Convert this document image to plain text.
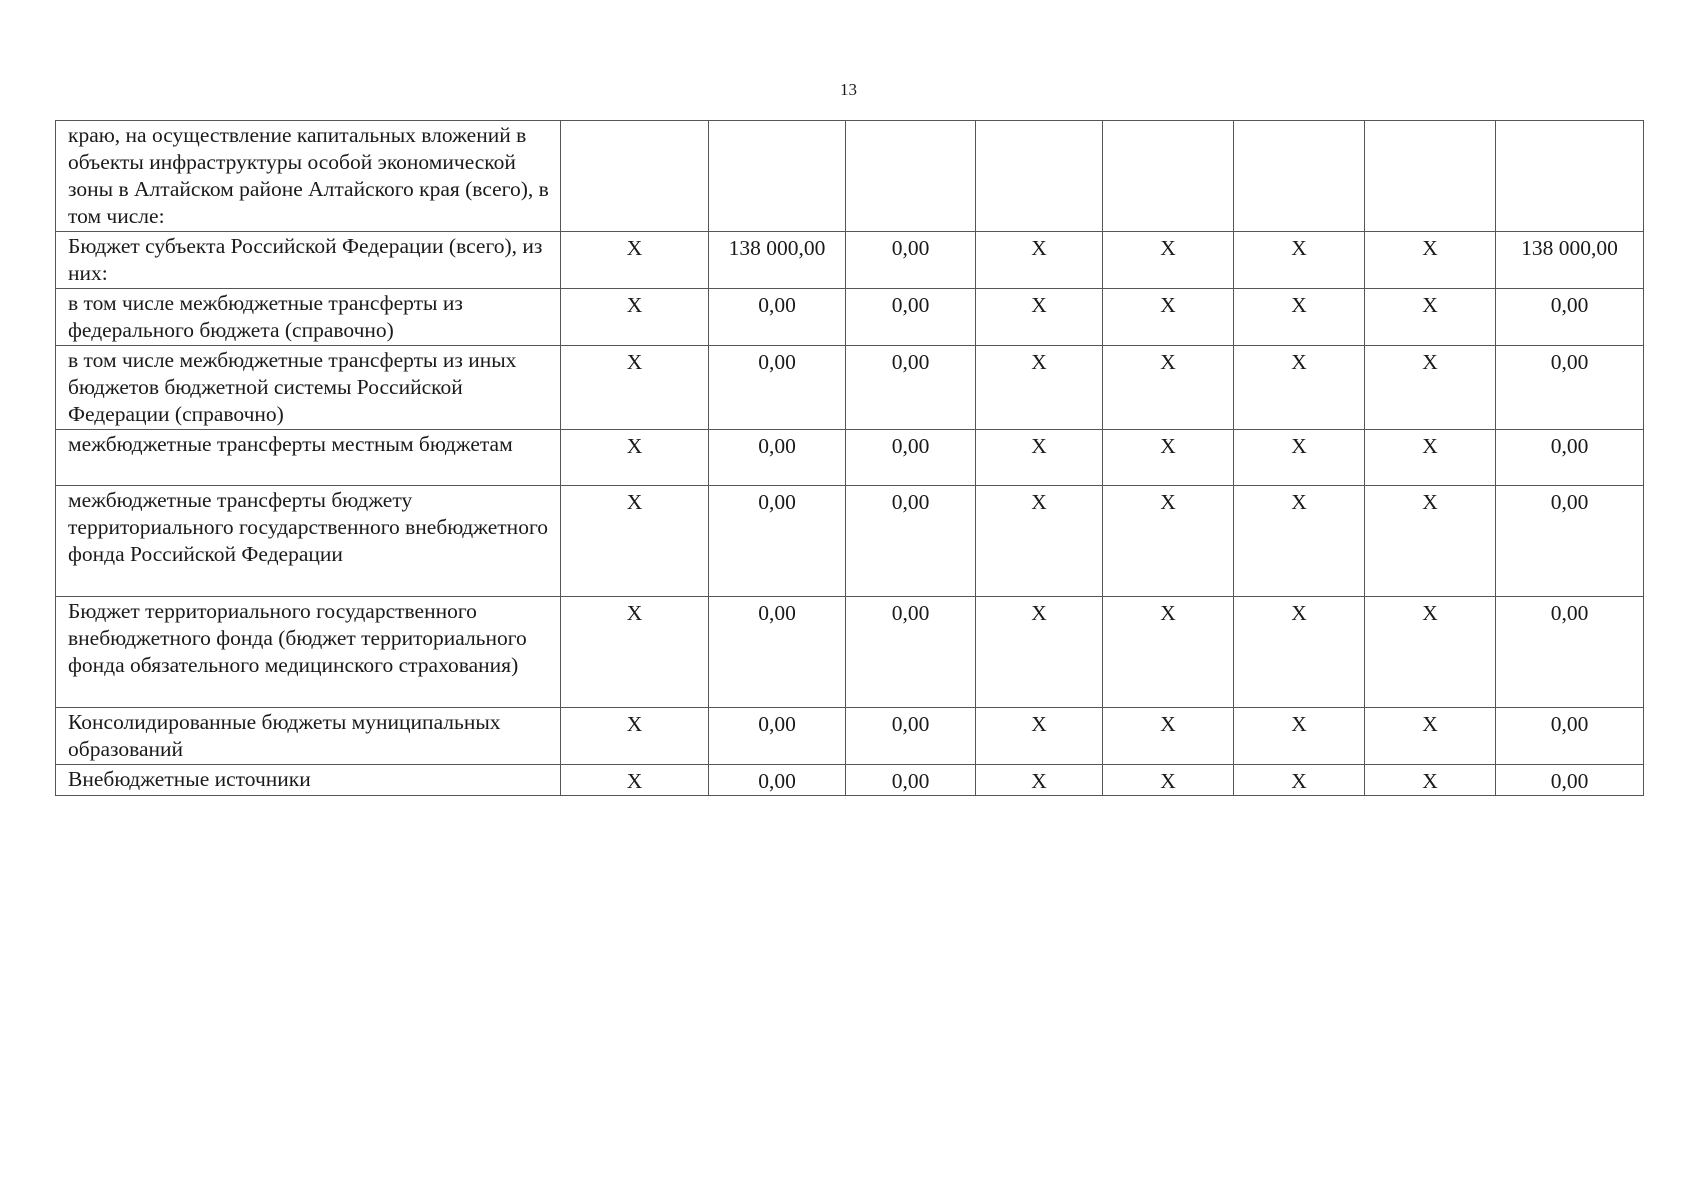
13
краю, на осуществление капитальных вложений в объекты инфраструктуры особой экономической зоны в Алтайском районе Алтайского края (всего), в том числе:								
Бюджет субъекта Российской Федерации (всего), из них:	X	138 000,00	0,00	X	X	X	X	138 000,00
в том числе межбюджетные трансферты из федерального бюджета (справочно)	X	0,00	0,00	X	X	X	X	0,00
в том числе межбюджетные трансферты из иных бюджетов бюджетной системы Российской Федерации (справочно)	X	0,00	0,00	X	X	X	X	0,00
межбюджетные трансферты местным бюджетам	X	0,00	0,00	X	X	X	X	0,00
межбюджетные трансферты бюджету территориального государственного внебюджетного фонда Российской Федерации	X	0,00	0,00	X	X	X	X	0,00
Бюджет территориального государственного внебюджетного фонда (бюджет территориального фонда обязательного медицинского страхования)	X	0,00	0,00	X	X	X	X	0,00
Консолидированные бюджеты муниципальных образований	X	0,00	0,00	X	X	X	X	0,00
Внебюджетные источники	X	0,00	0,00	X	X	X	X	0,00
